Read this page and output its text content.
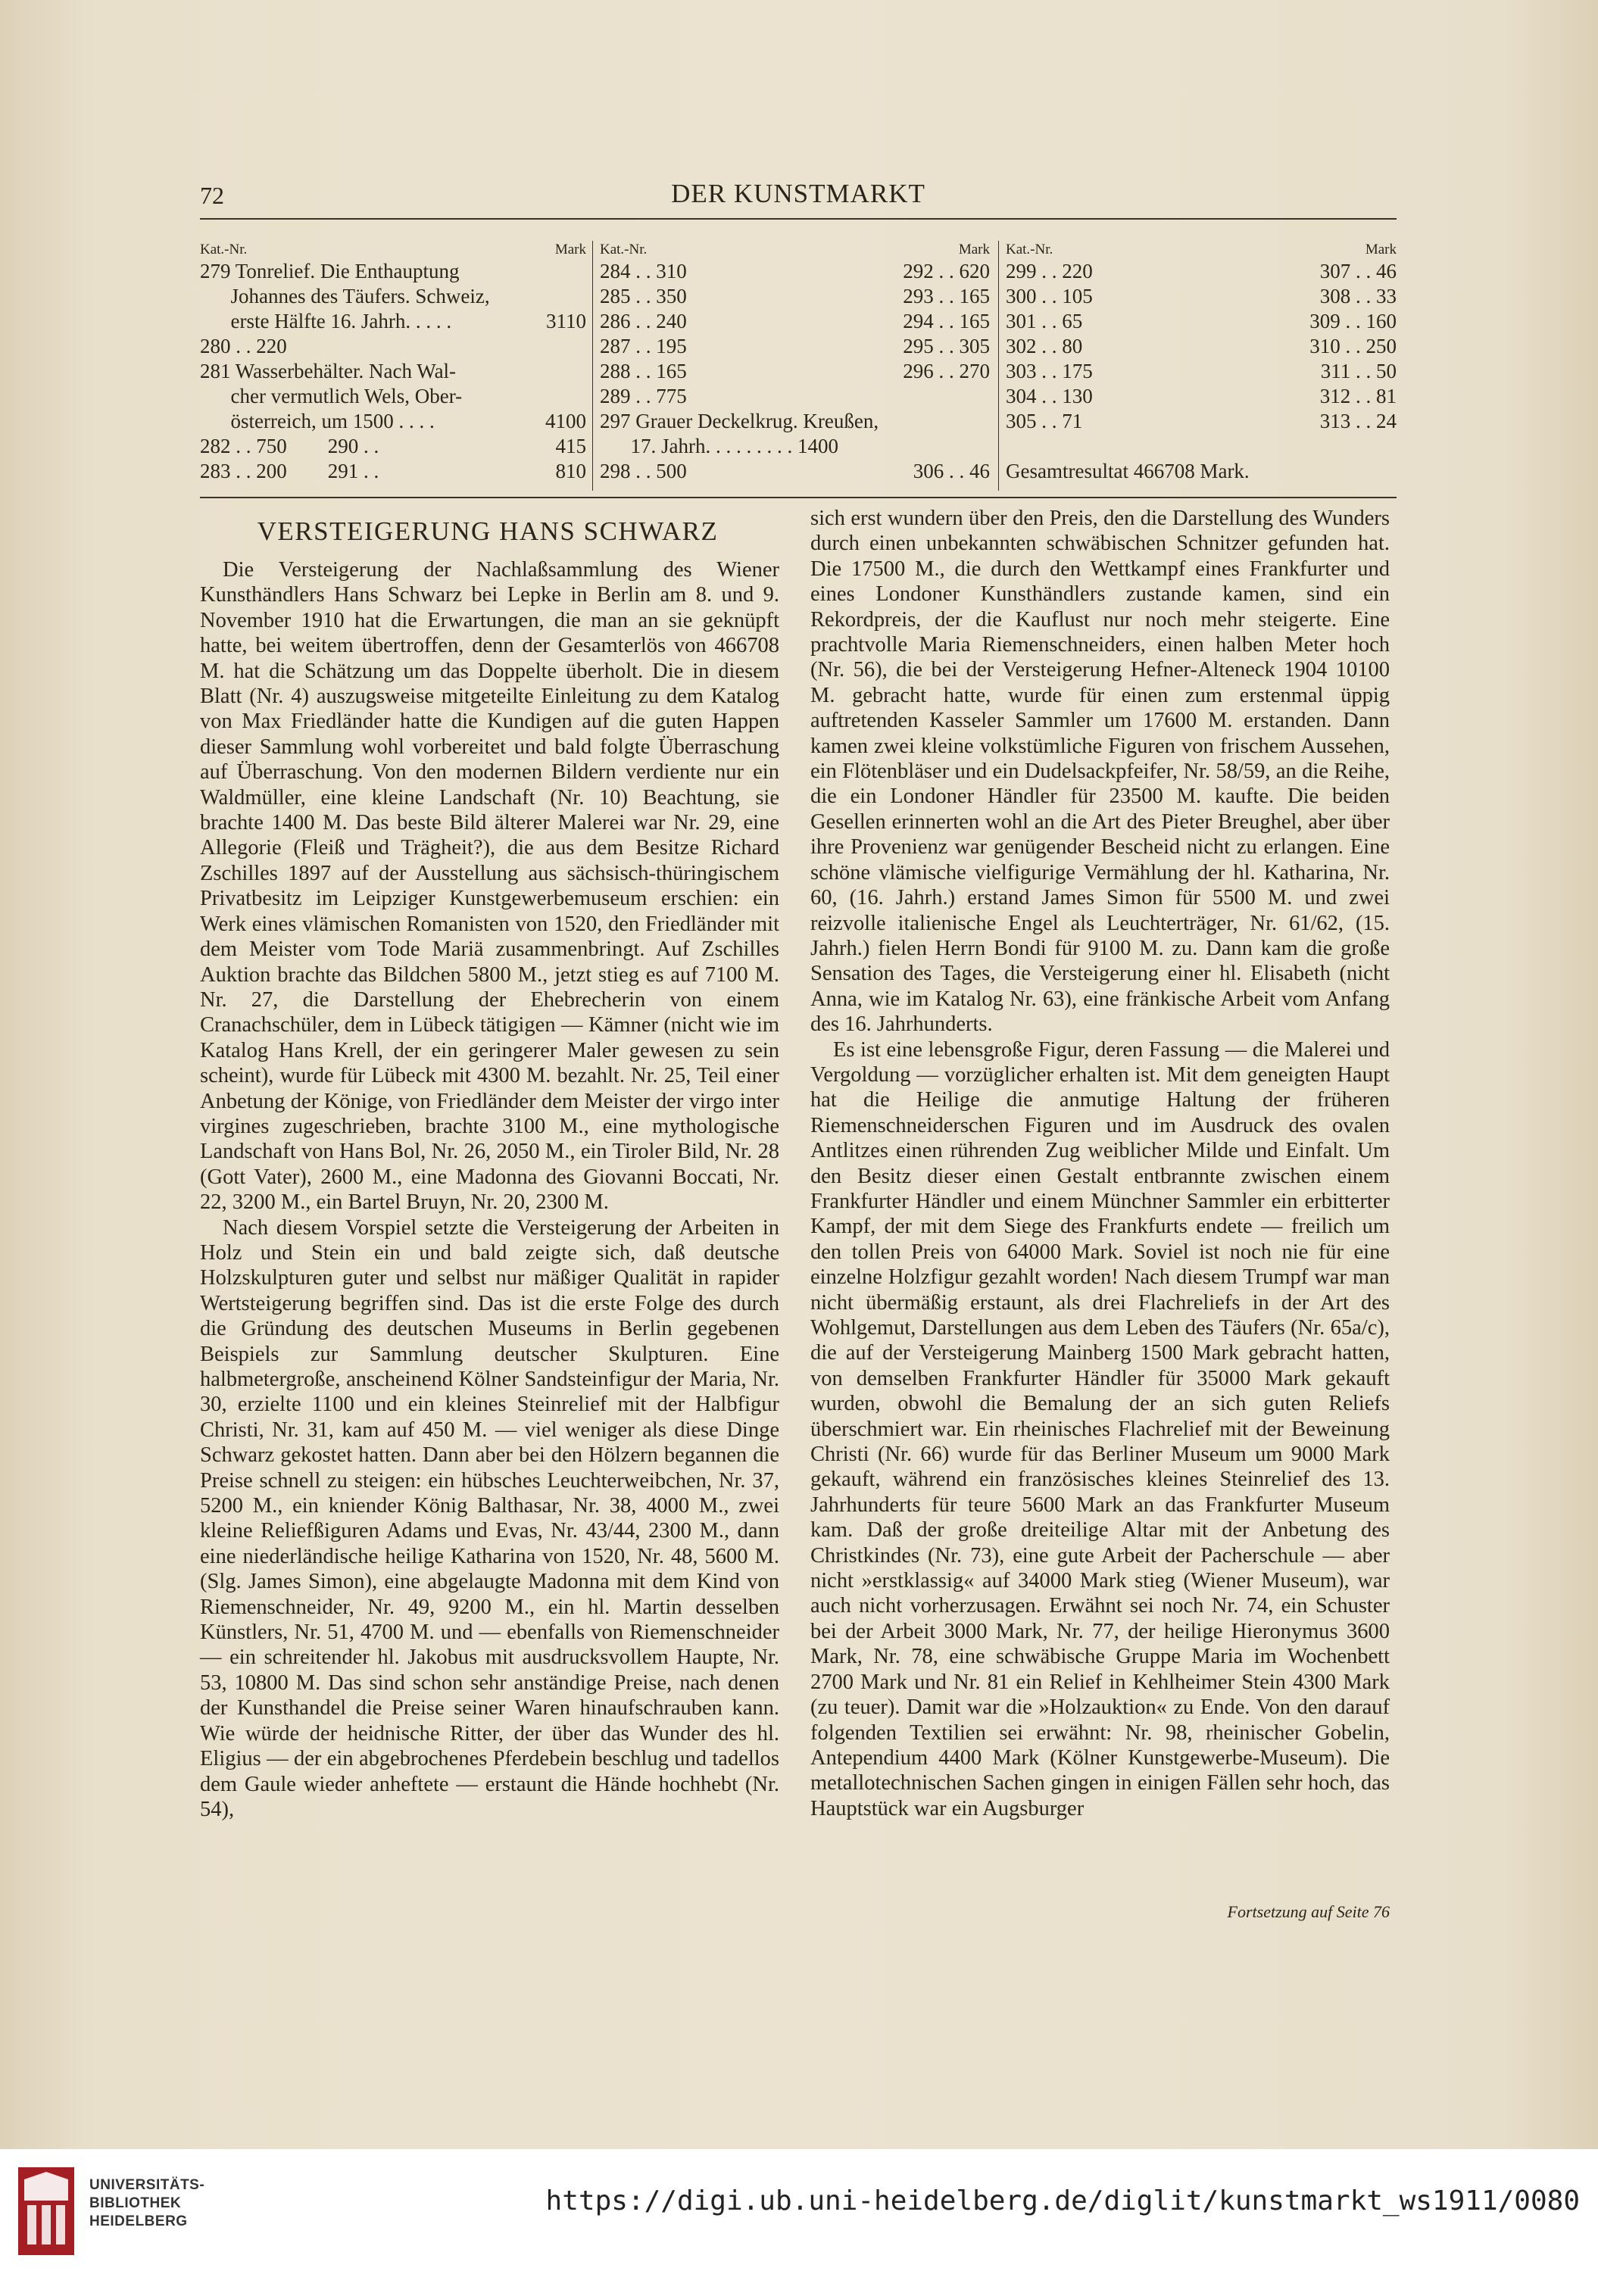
72	DER KUNSTMARKT
Kat.-Nr.	Mark
279 Tonrelief. Die Enthauptung

Johannes des Täufers. Schweiz,

erste Hälfte 16. Jahrh. . . . .	3110
280 . . 220

281 Wasserbehälter. Nach Wal-

cher vermutlich Wels, Ober-

österreich, um 1500 . . . .	4100
282 . . 750        290 . .	415
283 . . 200        291 . .	810
Kat.-Nr.	Mark
284 . . 310	292 . . 620
285 . . 350	293 . . 165
286 . . 240	294 . . 165
287 . . 195	295 . . 305
288 . . 165	296 . . 270
289 . . 775

297 Grauer Deckelkrug. Kreußen,

17. Jahrh. . . . . . . . . 1400

298 . . 500	306 . . 46
Kat.-Nr.	Mark
299 . . 220	307 . . 46
300 . . 105	308 . . 33
301 . . 65	309 . . 160
302 . . 80	310 . . 250
303 . . 175	311 . . 50
304 . . 130	312 . . 81
305 . . 71	313 . . 24

Gesamtresultat 466708 Mark.

VERSTEIGERUNG HANS SCHWARZ

Die Versteigerung der Nachlaßsammlung des Wiener Kunsthändlers Hans Schwarz bei Lepke in Berlin am 8. und 9. November 1910 hat die Erwartungen, die man an sie geknüpft hatte, bei weitem übertroffen, denn der Gesamterlös von 466708 M. hat die Schätzung um das Doppelte überholt. Die in diesem Blatt (Nr. 4) auszugsweise mitgeteilte Einleitung zu dem Katalog von Max Friedländer hatte die Kundigen auf die guten Happen dieser Sammlung wohl vorbereitet und bald folgte Überraschung auf Überraschung. Von den modernen Bildern verdiente nur ein Waldmüller, eine kleine Landschaft (Nr. 10) Beachtung, sie brachte 1400 M. Das beste Bild älterer Malerei war Nr. 29, eine Allegorie (Fleiß und Trägheit?), die aus dem Besitze Richard Zschilles 1897 auf der Ausstellung aus sächsisch-thüringischem Privatbesitz im Leipziger Kunstgewerbemuseum erschien: ein Werk eines vlämischen Romanisten von 1520, den Friedländer mit dem Meister vom Tode Mariä zusammenbringt. Auf Zschilles Auktion brachte das Bildchen 5800 M., jetzt stieg es auf 7100 M. Nr. 27, die Darstellung der Ehebrecherin von einem Cranachschüler, dem in Lübeck tätigigen — Kämner (nicht wie im Katalog Hans Krell, der ein geringerer Maler gewesen zu sein scheint), wurde für Lübeck mit 4300 M. bezahlt. Nr. 25, Teil einer Anbetung der Könige, von Friedländer dem Meister der virgo inter virgines zugeschrieben, brachte 3100 M., eine mythologische Landschaft von Hans Bol, Nr. 26, 2050 M., ein Tiroler Bild, Nr. 28 (Gott Vater), 2600 M., eine Madonna des Giovanni Boccati, Nr. 22, 3200 M., ein Bartel Bruyn, Nr. 20, 2300 M.

Nach diesem Vorspiel setzte die Versteigerung der Arbeiten in Holz und Stein ein und bald zeigte sich, daß deutsche Holzskulpturen guter und selbst nur mäßiger Qualität in rapider Wertsteigerung begriffen sind. Das ist die erste Folge des durch die Gründung des deutschen Museums in Berlin gegebenen Beispiels zur Sammlung deutscher Skulpturen. Eine halbmetergroße, anscheinend Kölner Sandsteinfigur der Maria, Nr. 30, erzielte 1100 und ein kleines Steinrelief mit der Halbfigur Christi, Nr. 31, kam auf 450 M. — viel weniger als diese Dinge Schwarz gekostet hatten. Dann aber bei den Hölzern begannen die Preise schnell zu steigen: ein hübsches Leuchterweibchen, Nr. 37, 5200 M., ein kniender König Balthasar, Nr. 38, 4000 M., zwei kleine Reliefßiguren Adams und Evas, Nr. 43/44, 2300 M., dann eine niederländische heilige Katharina von 1520, Nr. 48, 5600 M. (Slg. James Simon), eine abgelaugte Madonna mit dem Kind von Riemenschneider, Nr. 49, 9200 M., ein hl. Martin desselben Künstlers, Nr. 51, 4700 M. und — ebenfalls von Riemenschneider — ein schreitender hl. Jakobus mit ausdrucksvollem Haupte, Nr. 53, 10800 M. Das sind schon sehr anständige Preise, nach denen der Kunsthandel die Preise seiner Waren hinaufschrauben kann. Wie würde der heidnische Ritter, der über das Wunder des hl. Eligius — der ein abgebrochenes Pferdebein beschlug und tadellos dem Gaule wieder anheftete — erstaunt die Hände hochhebt (Nr. 54),

sich erst wundern über den Preis, den die Darstellung des Wunders durch einen unbekannten schwäbischen Schnitzer gefunden hat. Die 17500 M., die durch den Wettkampf eines Frankfurter und eines Londoner Kunsthändlers zustande kamen, sind ein Rekordpreis, der die Kauflust nur noch mehr steigerte. Eine prachtvolle Maria Riemenschneiders, einen halben Meter hoch (Nr. 56), die bei der Versteigerung Hefner-Alteneck 1904 10100 M. gebracht hatte, wurde für einen zum erstenmal üppig auftretenden Kasseler Sammler um 17600 M. erstanden. Dann kamen zwei kleine volkstümliche Figuren von frischem Aussehen, ein Flötenbläser und ein Dudelsackpfeifer, Nr. 58/59, an die Reihe, die ein Londoner Händler für 23500 M. kaufte. Die beiden Gesellen erinnerten wohl an die Art des Pieter Breughel, aber über ihre Provenienz war genügender Bescheid nicht zu erlangen. Eine schöne vlämische vielfigurige Vermählung der hl. Katharina, Nr. 60, (16. Jahrh.) erstand James Simon für 5500 M. und zwei reizvolle italienische Engel als Leuchterträger, Nr. 61/62, (15. Jahrh.) fielen Herrn Bondi für 9100 M. zu. Dann kam die große Sensation des Tages, die Versteigerung einer hl. Elisabeth (nicht Anna, wie im Katalog Nr. 63), eine fränkische Arbeit vom Anfang des 16. Jahrhunderts.

Es ist eine lebensgroße Figur, deren Fassung — die Malerei und Vergoldung — vorzüglicher erhalten ist. Mit dem geneigten Haupt hat die Heilige die anmutige Haltung der früheren Riemenschneiderschen Figuren und im Ausdruck des ovalen Antlitzes einen rührenden Zug weiblicher Milde und Einfalt. Um den Besitz dieser einen Gestalt entbrannte zwischen einem Frankfurter Händler und einem Münchner Sammler ein erbitterter Kampf, der mit dem Siege des Frankfurts endete — freilich um den tollen Preis von 64000 Mark. Soviel ist noch nie für eine einzelne Holzfigur gezahlt worden! Nach diesem Trumpf war man nicht übermäßig erstaunt, als drei Flachreliefs in der Art des Wohlgemut, Darstellungen aus dem Leben des Täufers (Nr. 65a/c), die auf der Versteigerung Mainberg 1500 Mark gebracht hatten, von demselben Frankfurter Händler für 35000 Mark gekauft wurden, obwohl die Bemalung der an sich guten Reliefs überschmiert war. Ein rheinisches Flachrelief mit der Beweinung Christi (Nr. 66) wurde für das Berliner Museum um 9000 Mark gekauft, während ein französisches kleines Steinrelief des 13. Jahrhunderts für teure 5600 Mark an das Frankfurter Museum kam. Daß der große dreiteilige Altar mit der Anbetung des Christkindes (Nr. 73), eine gute Arbeit der Pacherschule — aber nicht »erstklassig« auf 34000 Mark stieg (Wiener Museum), war auch nicht vorherzusagen. Erwähnt sei noch Nr. 74, ein Schuster bei der Arbeit 3000 Mark, Nr. 77, der heilige Hieronymus 3600 Mark, Nr. 78, eine schwäbische Gruppe Maria im Wochenbett 2700 Mark und Nr. 81 ein Relief in Kehlheimer Stein 4300 Mark (zu teuer). Damit war die »Holzauktion« zu Ende. Von den darauf folgenden Textilien sei erwähnt: Nr. 98, rheinischer Gobelin, Antependium 4400 Mark (Kölner Kunstgewerbe-Museum). Die metallotechnischen Sachen gingen in einigen Fällen sehr hoch, das Hauptstück war ein Augsburger

Fortsetzung auf Seite 76
UNIVERSITÄTS-
BIBLIOTHEK
HEIDELBERG
https://digi.ub.uni-heidelberg.de/diglit/kunstmarkt_ws1911/0080
